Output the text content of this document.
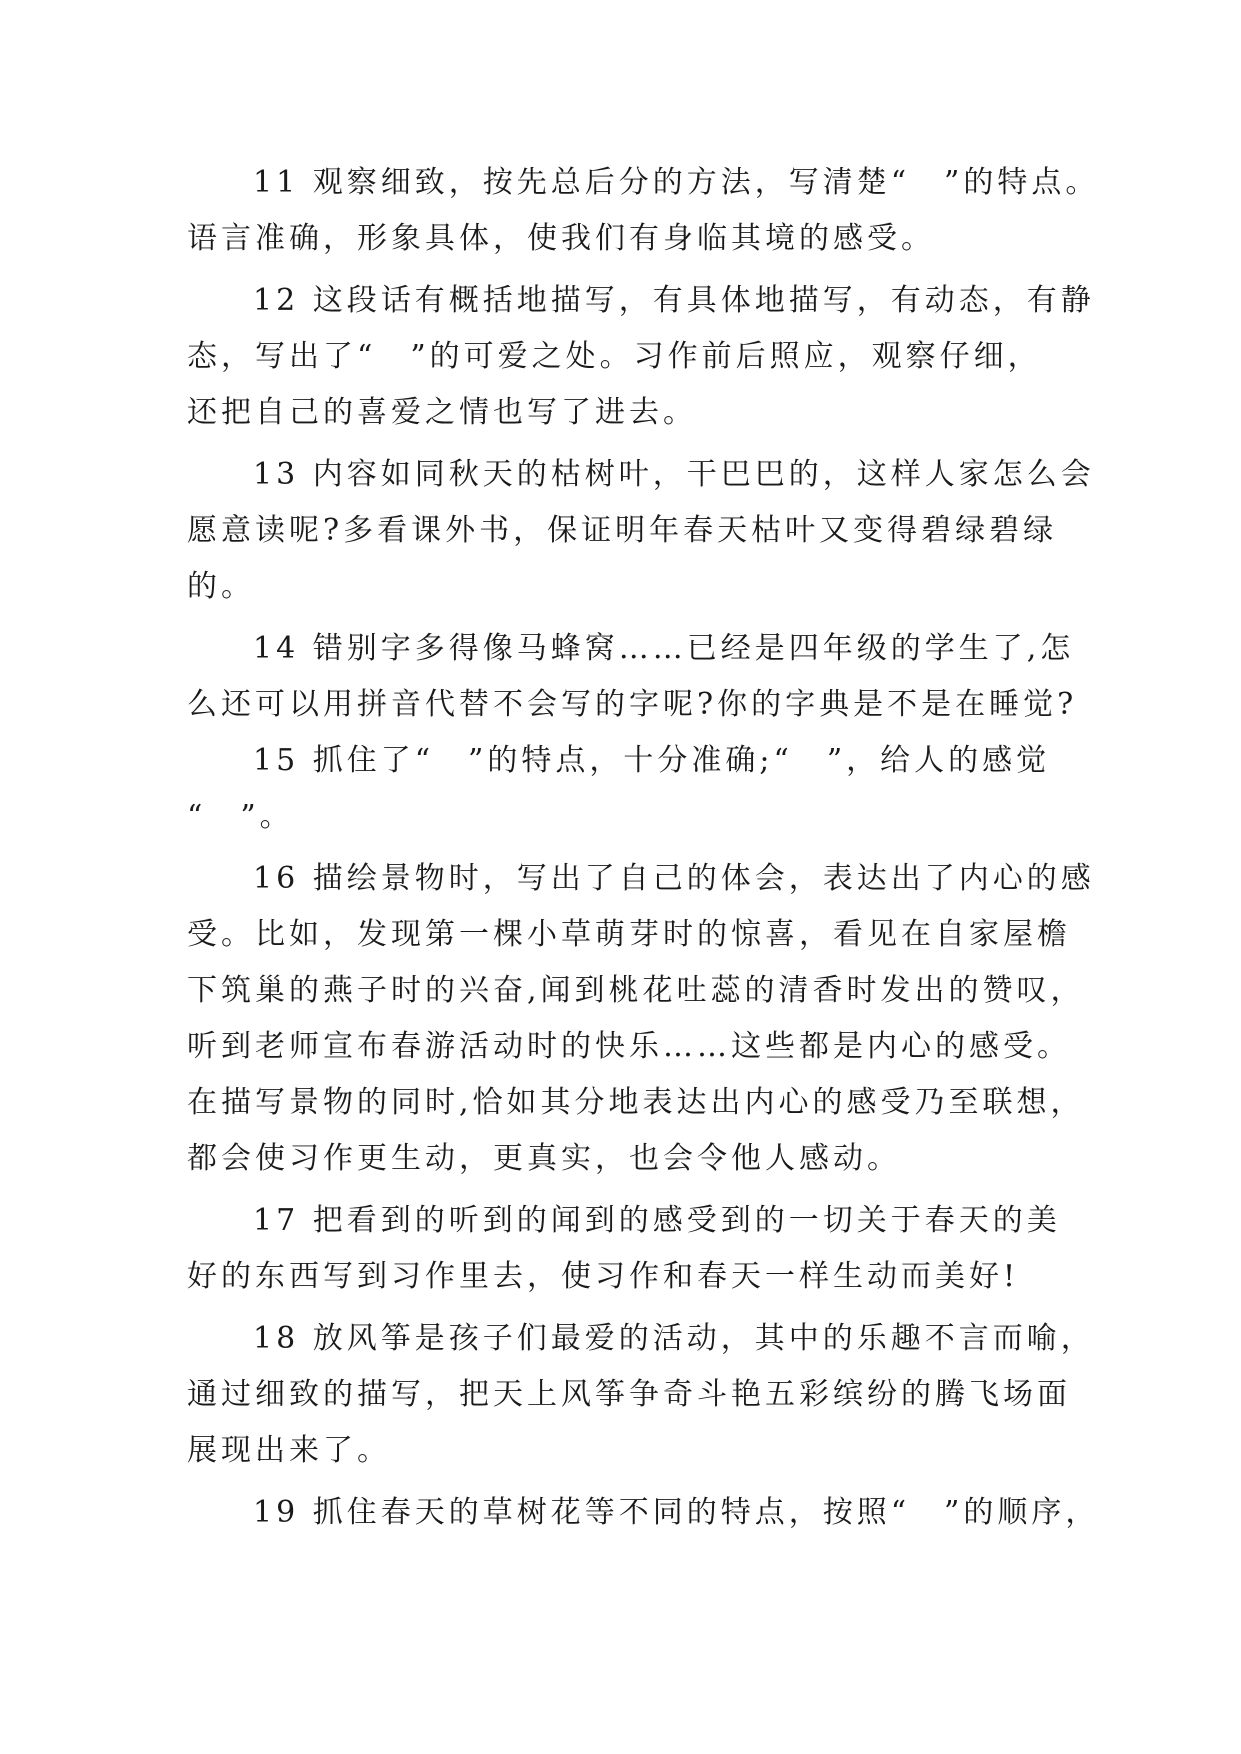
11 观察细致，按先总后分的方法，写清楚“　”的特点。
语言准确，形象具体，使我们有身临其境的感受。
12 这段话有概括地描写，有具体地描写，有动态，有静
态，写出了“　”的可爱之处。习作前后照应，观察仔细，
还把自己的喜爱之情也写了进去。
13 内容如同秋天的枯树叶，干巴巴的，这样人家怎么会
愿意读呢?多看课外书，保证明年春天枯叶又变得碧绿碧绿
的。
14 错别字多得像马蜂窝……已经是四年级的学生了,怎
么还可以用拼音代替不会写的字呢?你的字典是不是在睡觉?
15 抓住了“　”的特点，十分准确;“　”，给人的感觉
“　”。
16 描绘景物时，写出了自己的体会，表达出了内心的感
受。比如，发现第一棵小草萌芽时的惊喜，看见在自家屋檐
下筑巢的燕子时的兴奋,闻到桃花吐蕊的清香时发出的赞叹，
听到老师宣布春游活动时的快乐……这些都是内心的感受。
在描写景物的同时,恰如其分地表达出内心的感受乃至联想，
都会使习作更生动，更真实，也会令他人感动。
17 把看到的听到的闻到的感受到的一切关于春天的美
好的东西写到习作里去，使习作和春天一样生动而美好!
18 放风筝是孩子们最爱的活动，其中的乐趣不言而喻，
通过细致的描写，把天上风筝争奇斗艳五彩缤纷的腾飞场面
展现出来了。
19 抓住春天的草树花等不同的特点，按照“　”的顺序，
